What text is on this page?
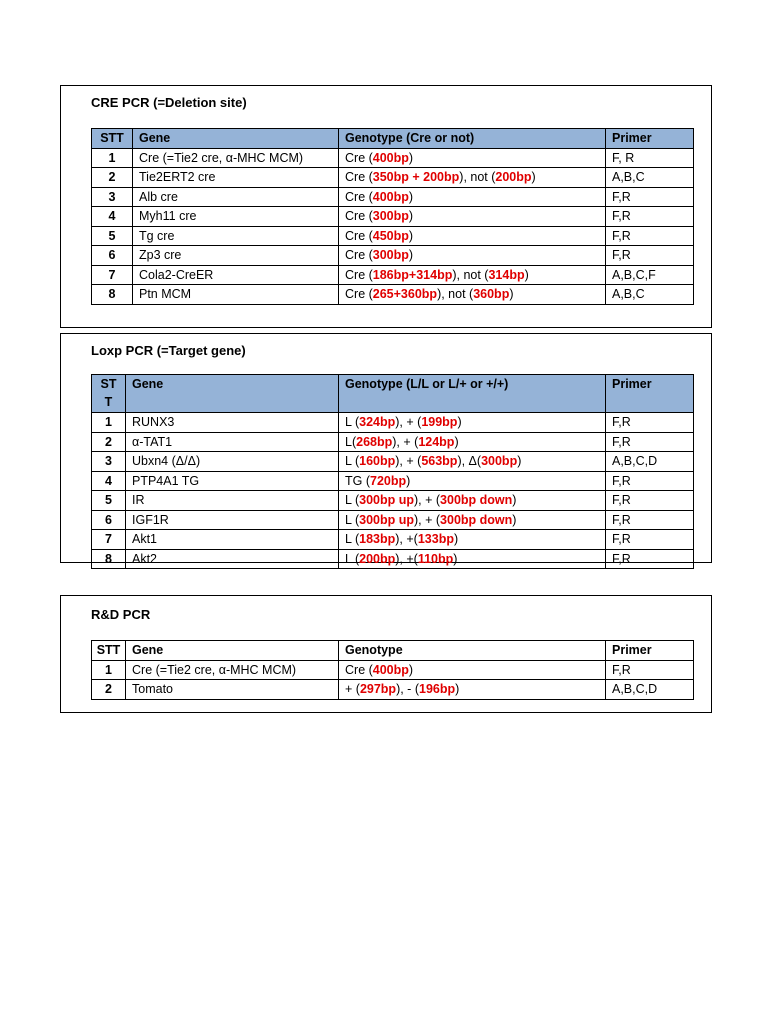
CRE PCR (=Deletion site)
STT	Gene	Genotype (Cre or not)	Primer
1	Cre (=Tie2 cre, α-MHC MCM)	Cre (400bp)	F, R
2	Tie2ERT2 cre	Cre (350bp + 200bp), not (200bp)	A,B,C
3	Alb cre	Cre (400bp)	F,R
4	Myh11 cre	Cre (300bp)	F,R
5	Tg cre	Cre (450bp)	F,R
6	Zp3 cre	Cre (300bp)	F,R
7	Cola2-CreER	Cre (186bp+314bp), not (314bp)	A,B,C,F
8	Ptn MCM	Cre (265+360bp), not (360bp)	A,B,C
Loxp PCR (=Target gene)
ST
T	Gene	Genotype (L/L or L/+ or +/+)	Primer
1	RUNX3	L (324bp), + (199bp)	F,R
2	α-TAT1	L(268bp), + (124bp)	F,R
3	Ubxn4 (Δ/Δ)	L (160bp), + (563bp), Δ(300bp)	A,B,C,D
4	PTP4A1 TG	TG (720bp)	F,R
5	IR	L (300bp up), + (300bp down)	F,R
6	IGF1R	L (300bp up), + (300bp down)	F,R
7	Akt1	L (183bp), +(133bp)	F,R
8	Akt2	L (200bp), +(110bp)	F,R
R&D PCR
STT	Gene	Genotype	Primer
1	Cre (=Tie2 cre, α-MHC MCM)	Cre (400bp)	F,R
2	Tomato	+ (297bp), - (196bp)	A,B,C,D
